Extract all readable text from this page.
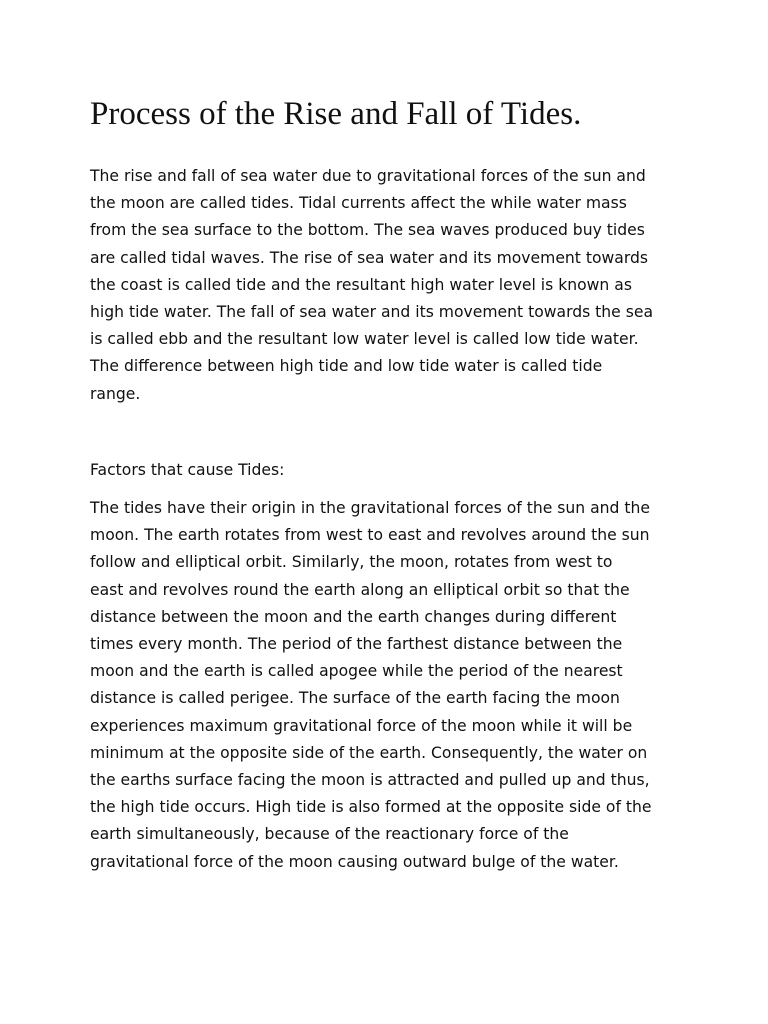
Process of the Rise and Fall of Tides.

The rise and fall of sea water due to gravitational forces of the sun and
the moon are called tides. Tidal currents affect the while water mass
from the sea surface to the bottom. The sea waves produced buy tides
are called tidal waves. The rise of sea water and its movement towards
the coast is called tide and the resultant high water level is known as
high tide water. The fall of sea water and its movement towards the sea
is called ebb and the resultant low water level is called low tide water.
The difference between high tide and low tide water is called tide
range.

Factors that cause Tides:

The tides have their origin in the gravitational forces of the sun and the
moon. The earth rotates from west to east and revolves around the sun
follow and elliptical orbit. Similarly, the moon, rotates from west to
east and revolves round the earth along an elliptical orbit so that the
distance between the moon and the earth changes during different
times every month. The period of the farthest distance between the
moon and the earth is called apogee while the period of the nearest
distance is called perigee. The surface of the earth facing the moon
experiences maximum gravitational force of the moon while it will be
minimum at the opposite side of the earth. Consequently, the water on
the earths surface facing the moon is attracted and pulled up and thus,
the high tide occurs. High tide is also formed at the opposite side of the
earth simultaneously, because of the reactionary force of the
gravitational force of the moon causing outward bulge of the water.
